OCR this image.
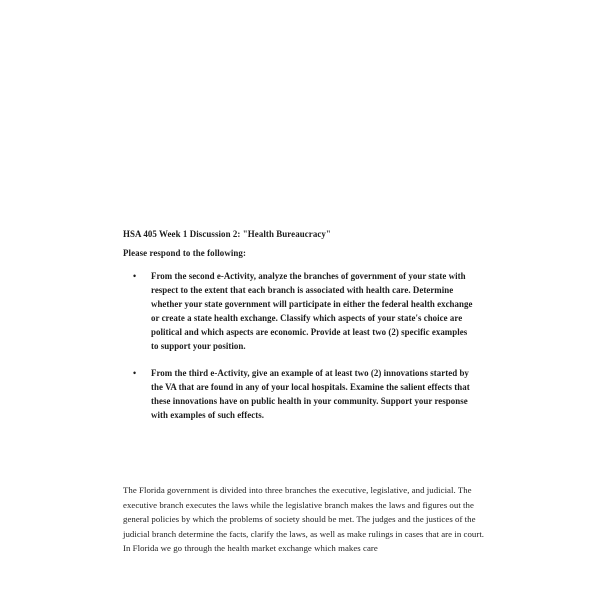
HSA 405 Week 1 Discussion 2: "Health Bureaucracy"

Please respond to the following:

• From the second e-Activity, analyze the branches of government of your state with respect to the extent that each branch is associated with health care. Determine whether your state government will participate in either the federal health exchange or create a state health exchange. Classify which aspects of your state's choice are political and which aspects are economic. Provide at least two (2) specific examples to support your position.
• From the third e-Activity, give an example of at least two (2) innovations started by the VA that are found in any of your local hospitals. Examine the salient effects that these innovations have on public health in your community. Support your response with examples of such effects.

The Florida government is divided into three branches the executive, legislative, and judicial. The executive branch executes the laws while the legislative branch makes the laws and figures out the general policies by which the problems of society should be met. The judges and the justices of the judicial branch determine the facts, clarify the laws, as well as make rulings in cases that are in court.  In Florida we go through the health market exchange which makes care
